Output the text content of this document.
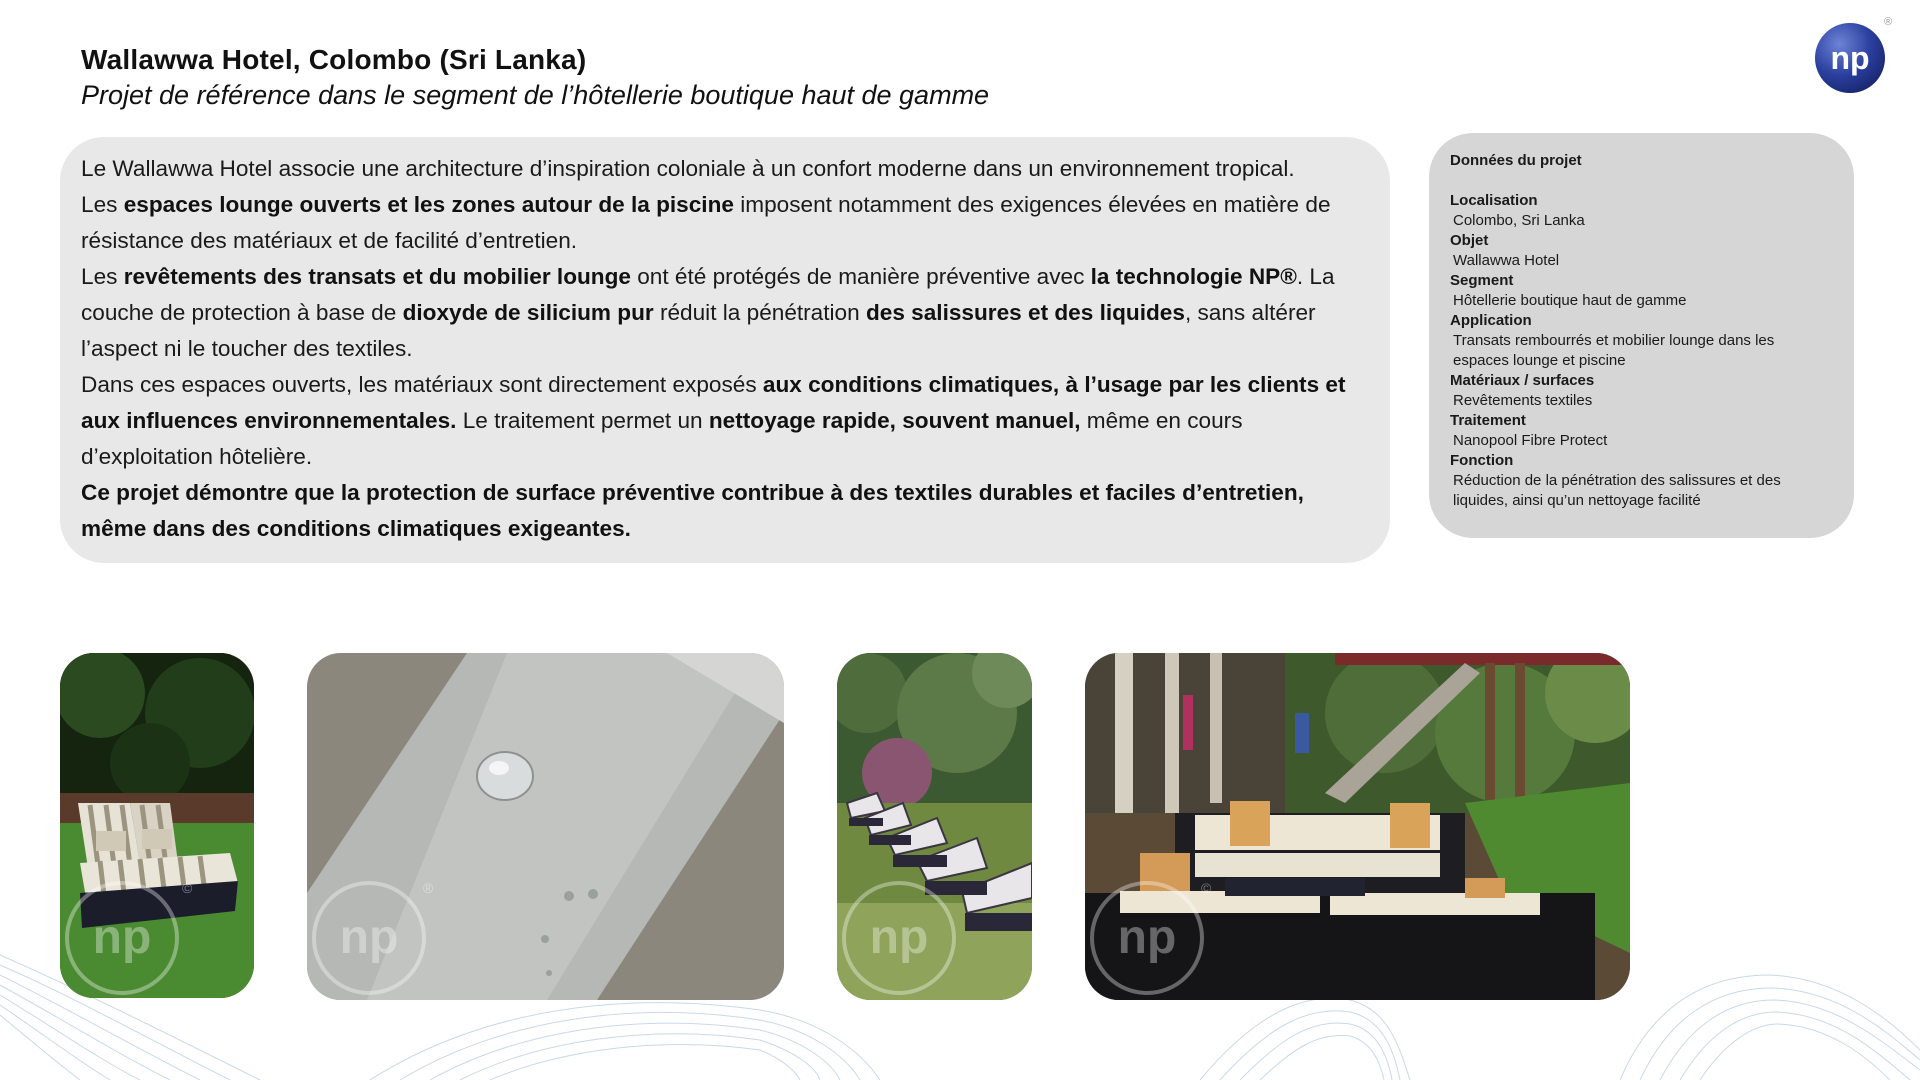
Wallawwa Hotel, Colombo (Sri Lanka)
Projet de référence dans le segment de l’hôtellerie boutique haut de gamme
np
®

Le Wallawwa Hotel associe une architecture d’inspiration coloniale à un confort moderne dans un environnement tropical.

Les espaces lounge ouverts et les zones autour de la piscine imposent notamment des exigences élevées en matière de résistance des matériaux et de facilité d’entretien.

Les revêtements des transats et du mobilier lounge ont été protégés de manière préventive avec la technologie NP®. La couche de protection à base de dioxyde de silicium pur réduit la pénétration des salissures et des liquides, sans altérer l’aspect ni le toucher des textiles.

Dans ces espaces ouverts, les matériaux sont directement exposés aux conditions climatiques, à l’usage par les clients et aux influences environnementales. Le traitement permet un nettoyage rapide, souvent manuel, même en cours d’exploitation hôtelière.

Ce projet démontre que la protection de surface préventive contribue à des textiles durables et faciles d’entretien, même dans des conditions climatiques exigeantes.

Données du projet
Localisation
Colombo, Sri Lanka
Objet
Wallawwa Hotel
Segment
Hôtellerie boutique haut de gamme
Application
Transats rembourrés et mobilier lounge dans les espaces lounge et piscine
Matériaux / surfaces
Revêtements textiles
Traitement
Nanopool Fibre Protect
Fonction
Réduction de la pénétration des salissures et des liquides, ainsi qu’un nettoyage facilité
np
©
np
®
np	np
©
